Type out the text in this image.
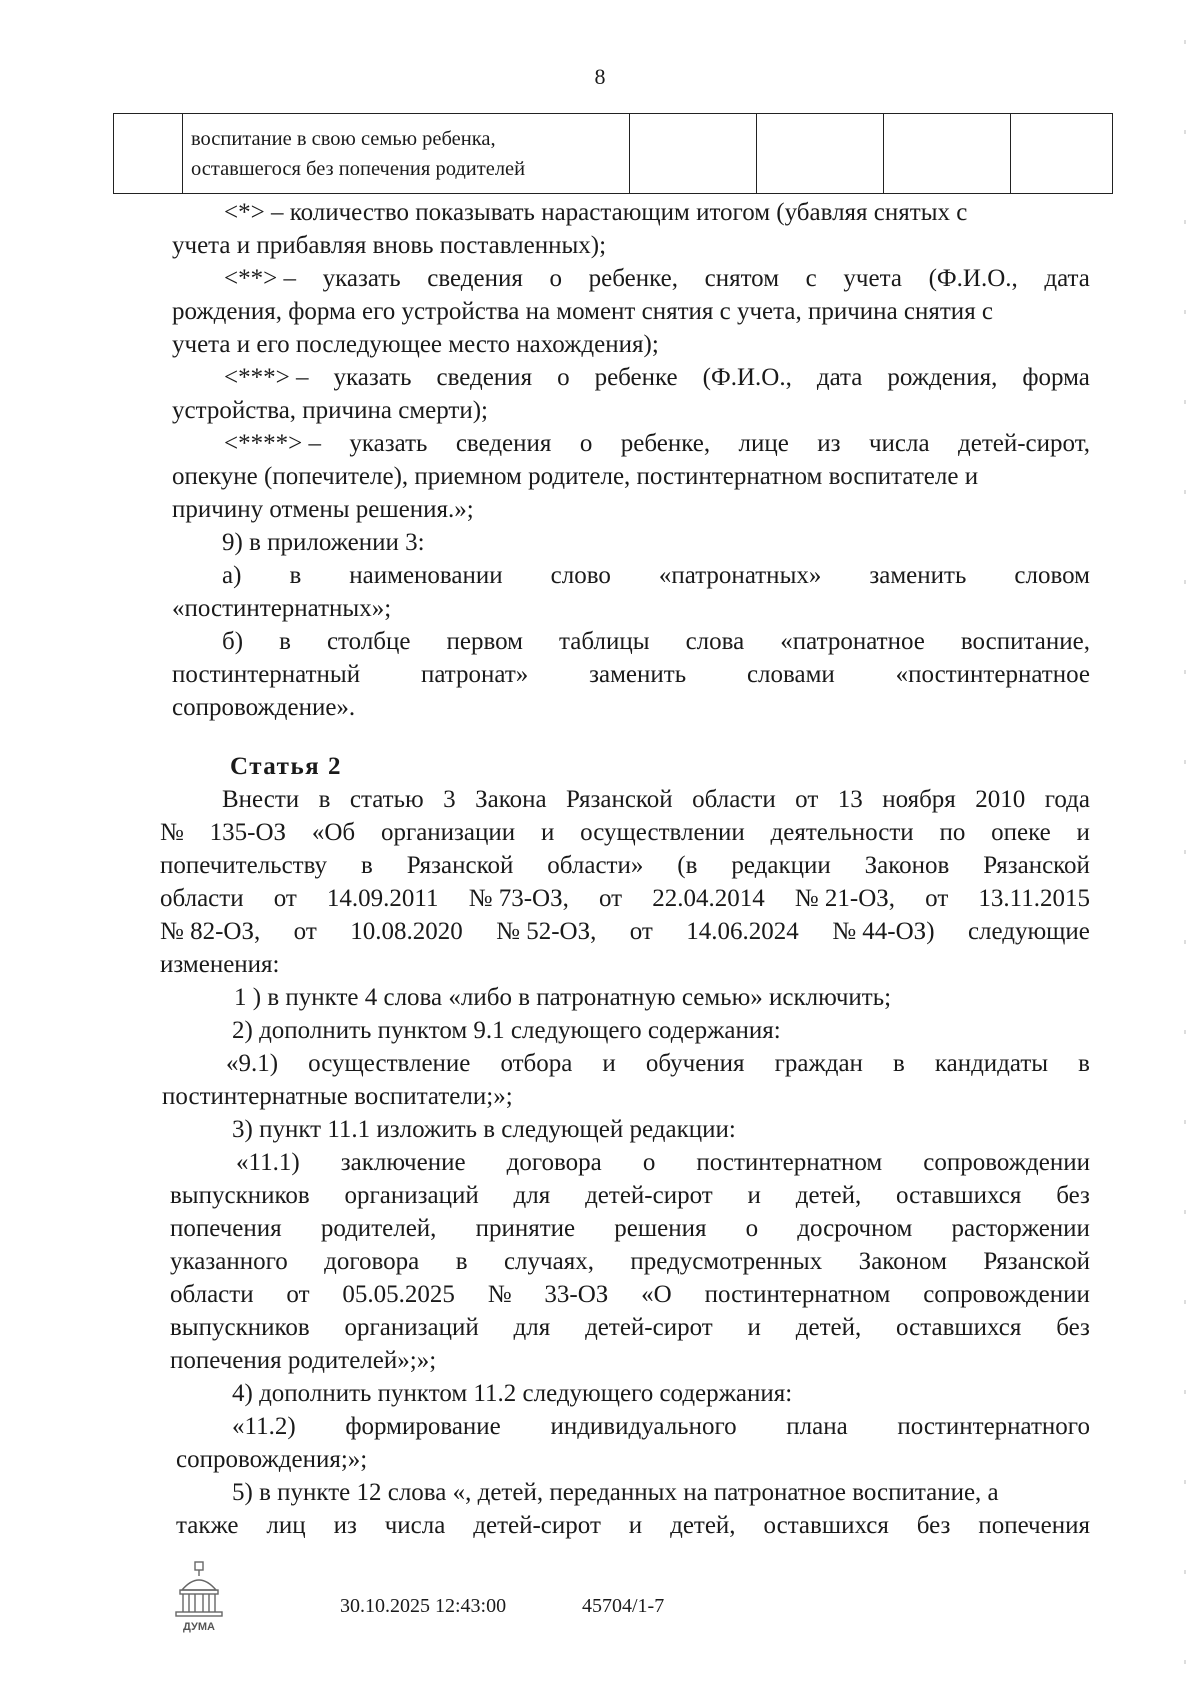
8

воспитание в свою семью ребенка,
оставшегося без попечения родителей

<*> – количество показывать нарастающим итогом (убавляя снятых с
учета и прибавляя вновь поставленных);
<**> – указать сведения о ребенке, снятом с учета (Ф.И.О., дата
рождения, форма его устройства на момент снятия с учета, причина снятия с
учета и его последующее место нахождения);
<***> – указать сведения о ребенке (Ф.И.О., дата рождения, форма
устройства, причина смерти);
<****> – указать сведения о ребенке, лице из числа детей-сирот,
опекуне (попечителе), приемном родителе, постинтернатном воспитателе и
причину отмены решения.»;
9) в приложении 3:
а) в наименовании слово «патронатных» заменить словом
«постинтернатных»;
б) в столбце первом таблицы слова «патронатное воспитание,
постинтернатный патронат» заменить словами «постинтернатное
сопровождение».
Статья 2
Внести в статью 3 Закона Рязанской области от 13 ноября 2010 года
№ 135-ОЗ «Об организации и осуществлении деятельности по опеке и
попечительству в Рязанской области» (в редакции Законов Рязанской
области от 14.09.2011 № 73-ОЗ, от 22.04.2014 № 21-ОЗ, от 13.11.2015
№ 82-ОЗ, от 10.08.2020 № 52-ОЗ, от 14.06.2024 № 44-ОЗ) следующие
изменения:
1 ) в пункте 4 слова «либо в патронатную семью» исключить;
2) дополнить пунктом 9.1 следующего содержания:
«9.1) осуществление отбора и обучения граждан в кандидаты в
постинтернатные воспитатели;»;
3) пункт 11.1 изложить в следующей редакции:
«11.1) заключение договора о постинтернатном сопровождении
выпускников организаций для детей-сирот и детей, оставшихся без
попечения родителей, принятие решения о досрочном расторжении
указанного договора в случаях, предусмотренных Законом Рязанской
области от 05.05.2025 № 33-ОЗ «О постинтернатном сопровождении
выпускников организаций для детей-сирот и детей, оставшихся без
попечения родителей»;»;
4) дополнить пунктом 11.2 следующего содержания:
«11.2) формирование индивидуального плана постинтернатного
сопровождения;»;
5) в пункте 12 слова «, детей, переданных на патронатное воспитание, а
также лиц из числа детей-сирот и детей, оставшихся без попечения
ДУМА
30.10.2025 12:43:00	45704/1-7
